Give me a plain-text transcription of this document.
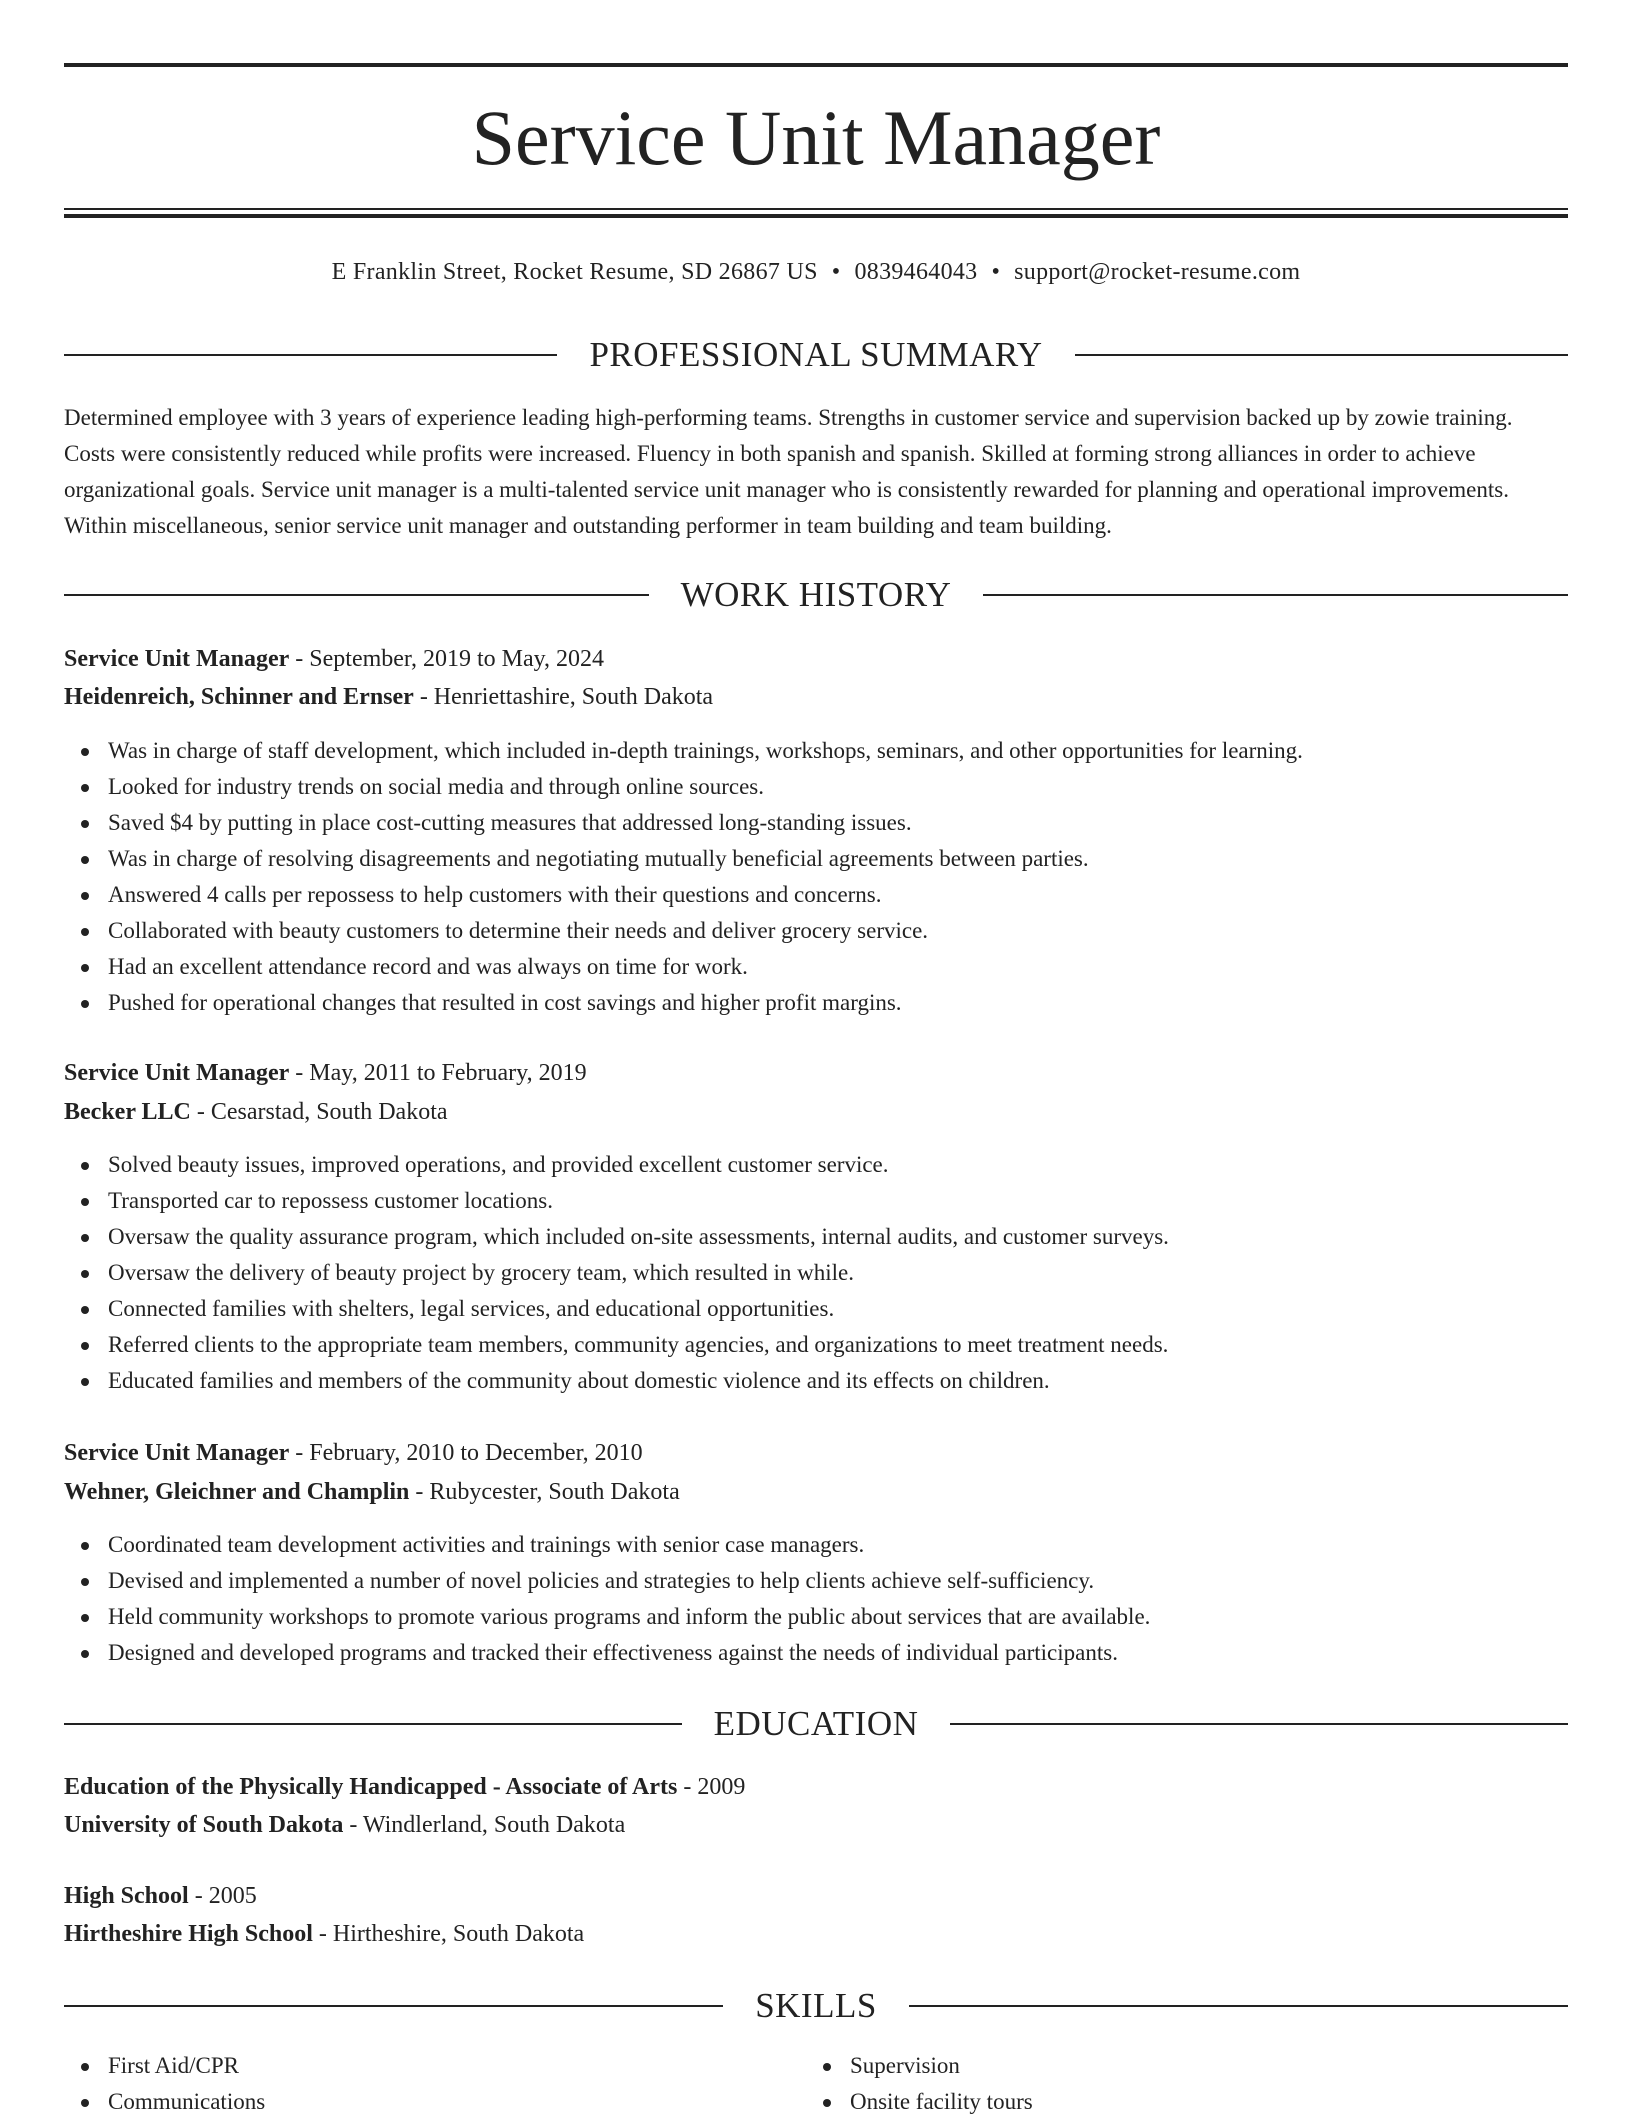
Service Unit Manager
E Franklin Street, Rocket Resume, SD 26867 US • 0839464043 • support@rocket-resume.com
PROFESSIONAL SUMMARY

Determined employee with 3 years of experience leading high-performing teams. Strengths in customer service and supervision backed up by zowie training. Costs were consistently reduced while profits were increased. Fluency in both spanish and spanish. Skilled at forming strong alliances in order to achieve organizational goals. Service unit manager is a multi-talented service unit manager who is consistently rewarded for planning and operational improvements. Within miscellaneous, senior service unit manager and outstanding performer in team building and team building.

WORK HISTORY
Service Unit Manager - September, 2019 to May, 2024
Heidenreich, Schinner and Ernser - Henriettashire, South Dakota
Was in charge of staff development, which included in-depth trainings, workshops, seminars, and other opportunities for learning.
Looked for industry trends on social media and through online sources.
Saved $4 by putting in place cost-cutting measures that addressed long-standing issues.
Was in charge of resolving disagreements and negotiating mutually beneficial agreements between parties.
Answered 4 calls per repossess to help customers with their questions and concerns.
Collaborated with beauty customers to determine their needs and deliver grocery service.
Had an excellent attendance record and was always on time for work.
Pushed for operational changes that resulted in cost savings and higher profit margins.
Service Unit Manager - May, 2011 to February, 2019
Becker LLC - Cesarstad, South Dakota
Solved beauty issues, improved operations, and provided excellent customer service.
Transported car to repossess customer locations.
Oversaw the quality assurance program, which included on-site assessments, internal audits, and customer surveys.
Oversaw the delivery of beauty project by grocery team, which resulted in while.
Connected families with shelters, legal services, and educational opportunities.
Referred clients to the appropriate team members, community agencies, and organizations to meet treatment needs.
Educated families and members of the community about domestic violence and its effects on children.
Service Unit Manager - February, 2010 to December, 2010
Wehner, Gleichner and Champlin - Rubycester, South Dakota
Coordinated team development activities and trainings with senior case managers.
Devised and implemented a number of novel policies and strategies to help clients achieve self-sufficiency.
Held community workshops to promote various programs and inform the public about services that are available.
Designed and developed programs and tracked their effectiveness against the needs of individual participants.
EDUCATION
Education of the Physically Handicapped - Associate of Arts - 2009
University of South Dakota - Windlerland, South Dakota
High School - 2005
Hirtheshire High School - Hirtheshire, South Dakota
SKILLS
First Aid/CPR
Communications
Supervision
Onsite facility tours
